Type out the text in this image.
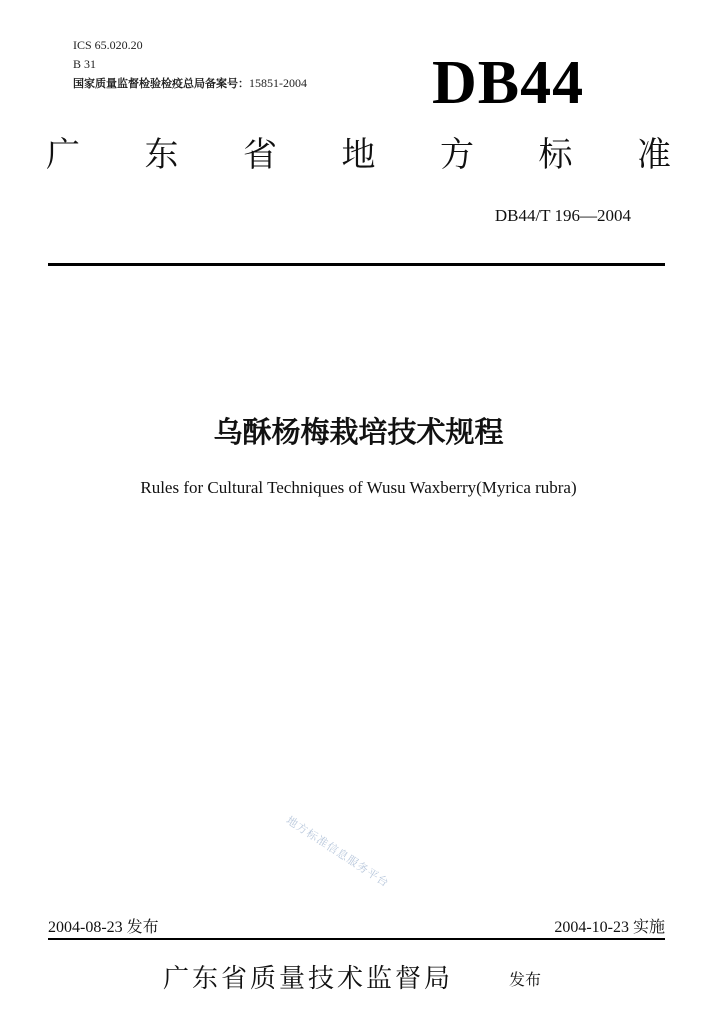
ICS 65.020.20
B 31
国家质量监督检验检疫总局备案号：15851-2004 DB44
广 东 省 地 方 标 准
DB44/T 196—2004
乌酥杨梅栽培技术规程
Rules for Cultural Techniques of Wusu Waxberry(Myrica rubra)
地方标准信息服务平台
2004-08-23 发布	2004-10-23 实施
广东省质量技术监督局	发布
